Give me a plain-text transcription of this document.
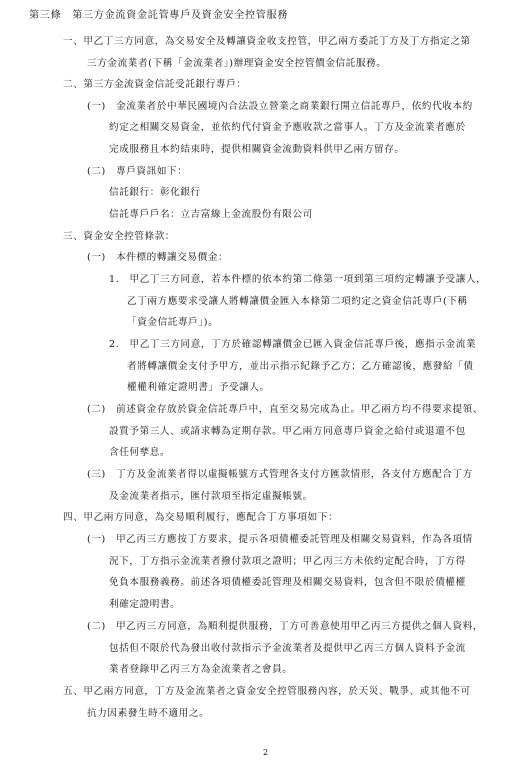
第三條　第三方金流資金託管專戶及資金安全控管服務
一、甲乙丁三方同意，為交易安全及轉讓資金收支控管，甲乙兩方委託丁方及丁方指定之第
三方金流業者(下稱「金流業者」)辦理資金安全控管價金信託服務。
二、第三方金流資金信託受託銀行專戶：
(一)　金流業者於中華民國境內合法設立營業之商業銀行開立信託專戶，依約代收本約
約定之相關交易資金，並依約代付資金予應收款之當事人。丁方及金流業者應於
完成服務且本約結束時，提供相關資金流動資料供甲乙兩方留存。
(二)　專戶資訊如下：
信託銀行：彰化銀行
信託專戶戶名：立吉富線上金流股份有限公司
三、資金安全控管條款：
(一)　本件標的轉讓交易價金：
1.　甲乙丁三方同意，若本件標的依本約第二條第一項到第三項約定轉讓予受讓人，
乙丁兩方應要求受讓人將轉讓價金匯入本條第二項約定之資金信託專戶(下稱
「資金信託專戶」)。
2.　甲乙丁三方同意，丁方於確認轉讓價金已匯入資金信託專戶後，應指示金流業
者將轉讓價金支付予甲方，並出示指示紀錄予乙方；乙方確認後，應發給「債
權權利確定證明書」予受讓人。
(二)　前述資金存放於資金信託專戶中，直至交易完成為止。甲乙兩方均不得要求提領、
設質予第三人、或請求轉為定期存款。甲乙兩方同意專戶資金之給付或退還不包
含任何孳息。
(三)　丁方及金流業者得以虛擬帳號方式管理各支付方匯款情形，各支付方應配合丁方
及金流業者指示，匯付款項至指定虛擬帳號。
四、甲乙兩方同意，為交易順利履行，應配合丁方事項如下：
(一)　甲乙丙三方應按丁方要求，提示各項債權委託管理及相關交易資料，作為各項情
況下，丁方指示金流業者撥付款項之證明；甲乙丙三方未依約定配合時，丁方得
免負本服務義務。前述各項債權委託管理及相關交易資料，包含但不限於債權權
利確定證明書。
(二)　甲乙丙三方同意，為順利提供服務，丁方可善意使用甲乙丙三方提供之個人資料，
包括但不限於代為發出收付款指示予金流業者及提供甲乙丙三方個人資料予金流
業者登錄甲乙丙三方為金流業者之會員。
五、甲乙兩方同意，丁方及金流業者之資金安全控管服務內容，於天災、戰爭、或其他不可
抗力因素發生時不適用之。
2
